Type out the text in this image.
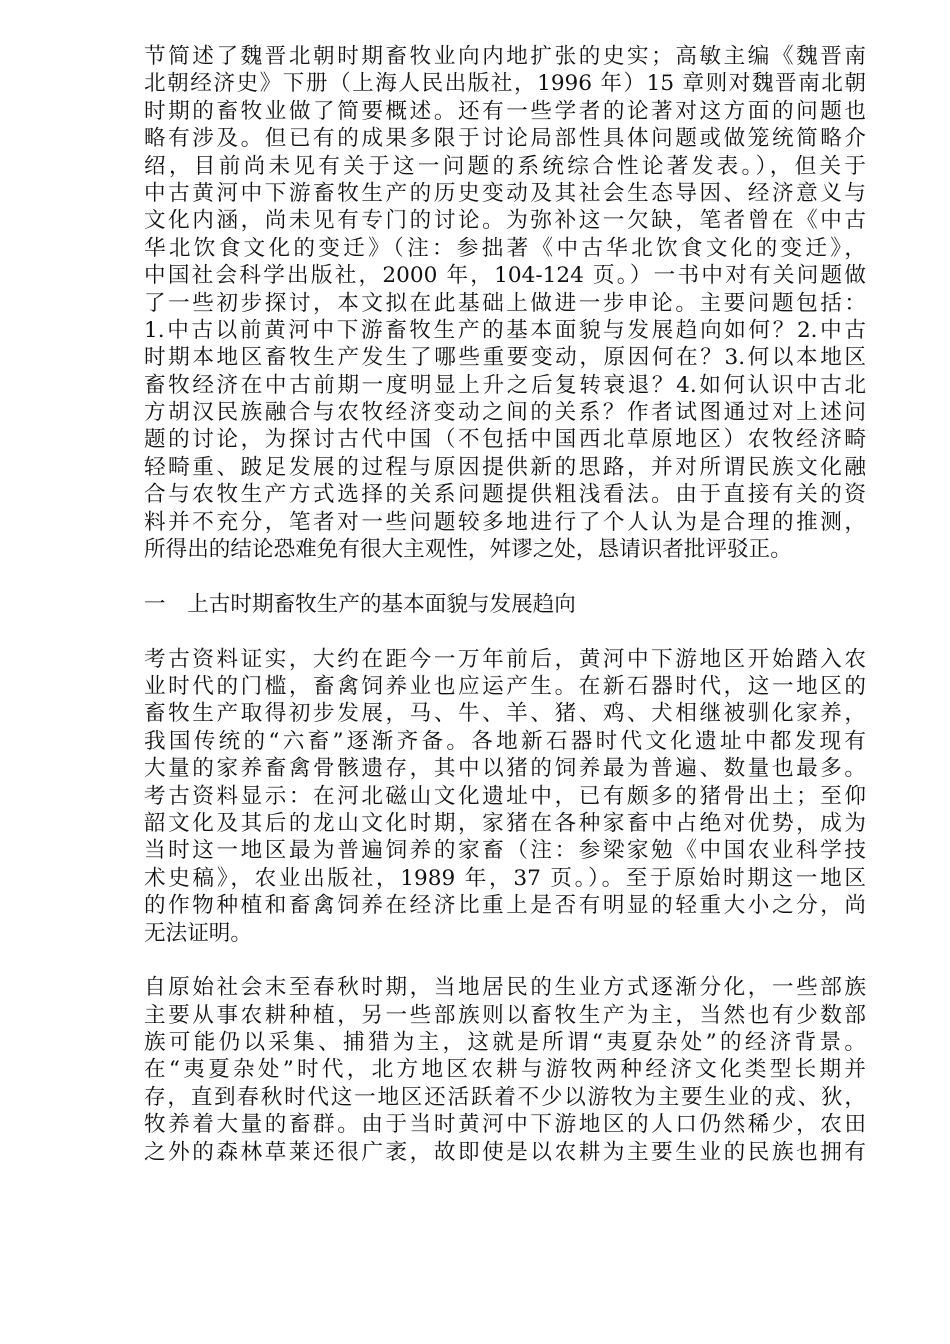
节简述了魏晋北朝时期畜牧业向内地扩张的史实；高敏主编《魏晋南
北朝经济史》下册（上海人民出版社，1996 年）15 章则对魏晋南北朝
时期的畜牧业做了简要概述。还有一些学者的论著对这方面的问题也
略有涉及。但已有的成果多限于讨论局部性具体问题或做笼统简略介
绍，目前尚未见有关于这一问题的系统综合性论著发表。），但关于
中古黄河中下游畜牧生产的历史变动及其社会生态导因、经济意义与
文化内涵，尚未见有专门的讨论。为弥补这一欠缺，笔者曾在《中古
华北饮食文化的变迁》（注：参拙著《中古华北饮食文化的变迁》，
中国社会科学出版社，2000 年，104-124 页。）一书中对有关问题做
了一些初步探讨，本文拟在此基础上做进一步申论。主要问题包括：
1.中古以前黄河中下游畜牧生产的基本面貌与发展趋向如何？2.中古
时期本地区畜牧生产发生了哪些重要变动，原因何在？3.何以本地区
畜牧经济在中古前期一度明显上升之后复转衰退？4.如何认识中古北
方胡汉民族融合与农牧经济变动之间的关系？作者试图通过对上述问
题的讨论，为探讨古代中国（不包括中国西北草原地区）农牧经济畸
轻畸重、跛足发展的过程与原因提供新的思路，并对所谓民族文化融
合与农牧生产方式选择的关系问题提供粗浅看法。由于直接有关的资
料并不充分，笔者对一些问题较多地进行了个人认为是合理的推测，
所得出的结论恐难免有很大主观性，舛谬之处，恳请识者批评驳正。
一　上古时期畜牧生产的基本面貌与发展趋向
考古资料证实，大约在距今一万年前后，黄河中下游地区开始踏入农
业时代的门槛，畜禽饲养业也应运产生。在新石器时代，这一地区的
畜牧生产取得初步发展，马、牛、羊、猪、鸡、犬相继被驯化家养，
我国传统的“六畜”逐渐齐备。各地新石器时代文化遗址中都发现有
大量的家养畜禽骨骸遗存，其中以猪的饲养最为普遍、数量也最多。
考古资料显示：在河北磁山文化遗址中，已有颇多的猪骨出土；至仰
韶文化及其后的龙山文化时期，家猪在各种家畜中占绝对优势，成为
当时这一地区最为普遍饲养的家畜（注：参梁家勉《中国农业科学技
术史稿》，农业出版社，1989 年，37 页。）。至于原始时期这一地区
的作物种植和畜禽饲养在经济比重上是否有明显的轻重大小之分，尚
无法证明。
自原始社会末至春秋时期，当地居民的生业方式逐渐分化，一些部族
主要从事农耕种植，另一些部族则以畜牧生产为主，当然也有少数部
族可能仍以采集、捕猎为主，这就是所谓“夷夏杂处”的经济背景。
在“夷夏杂处”时代，北方地区农耕与游牧两种经济文化类型长期并
存，直到春秋时代这一地区还活跃着不少以游牧为主要生业的戎、狄，
牧养着大量的畜群。由于当时黄河中下游地区的人口仍然稀少，农田
之外的森林草莱还很广袤，故即使是以农耕为主要生业的民族也拥有
